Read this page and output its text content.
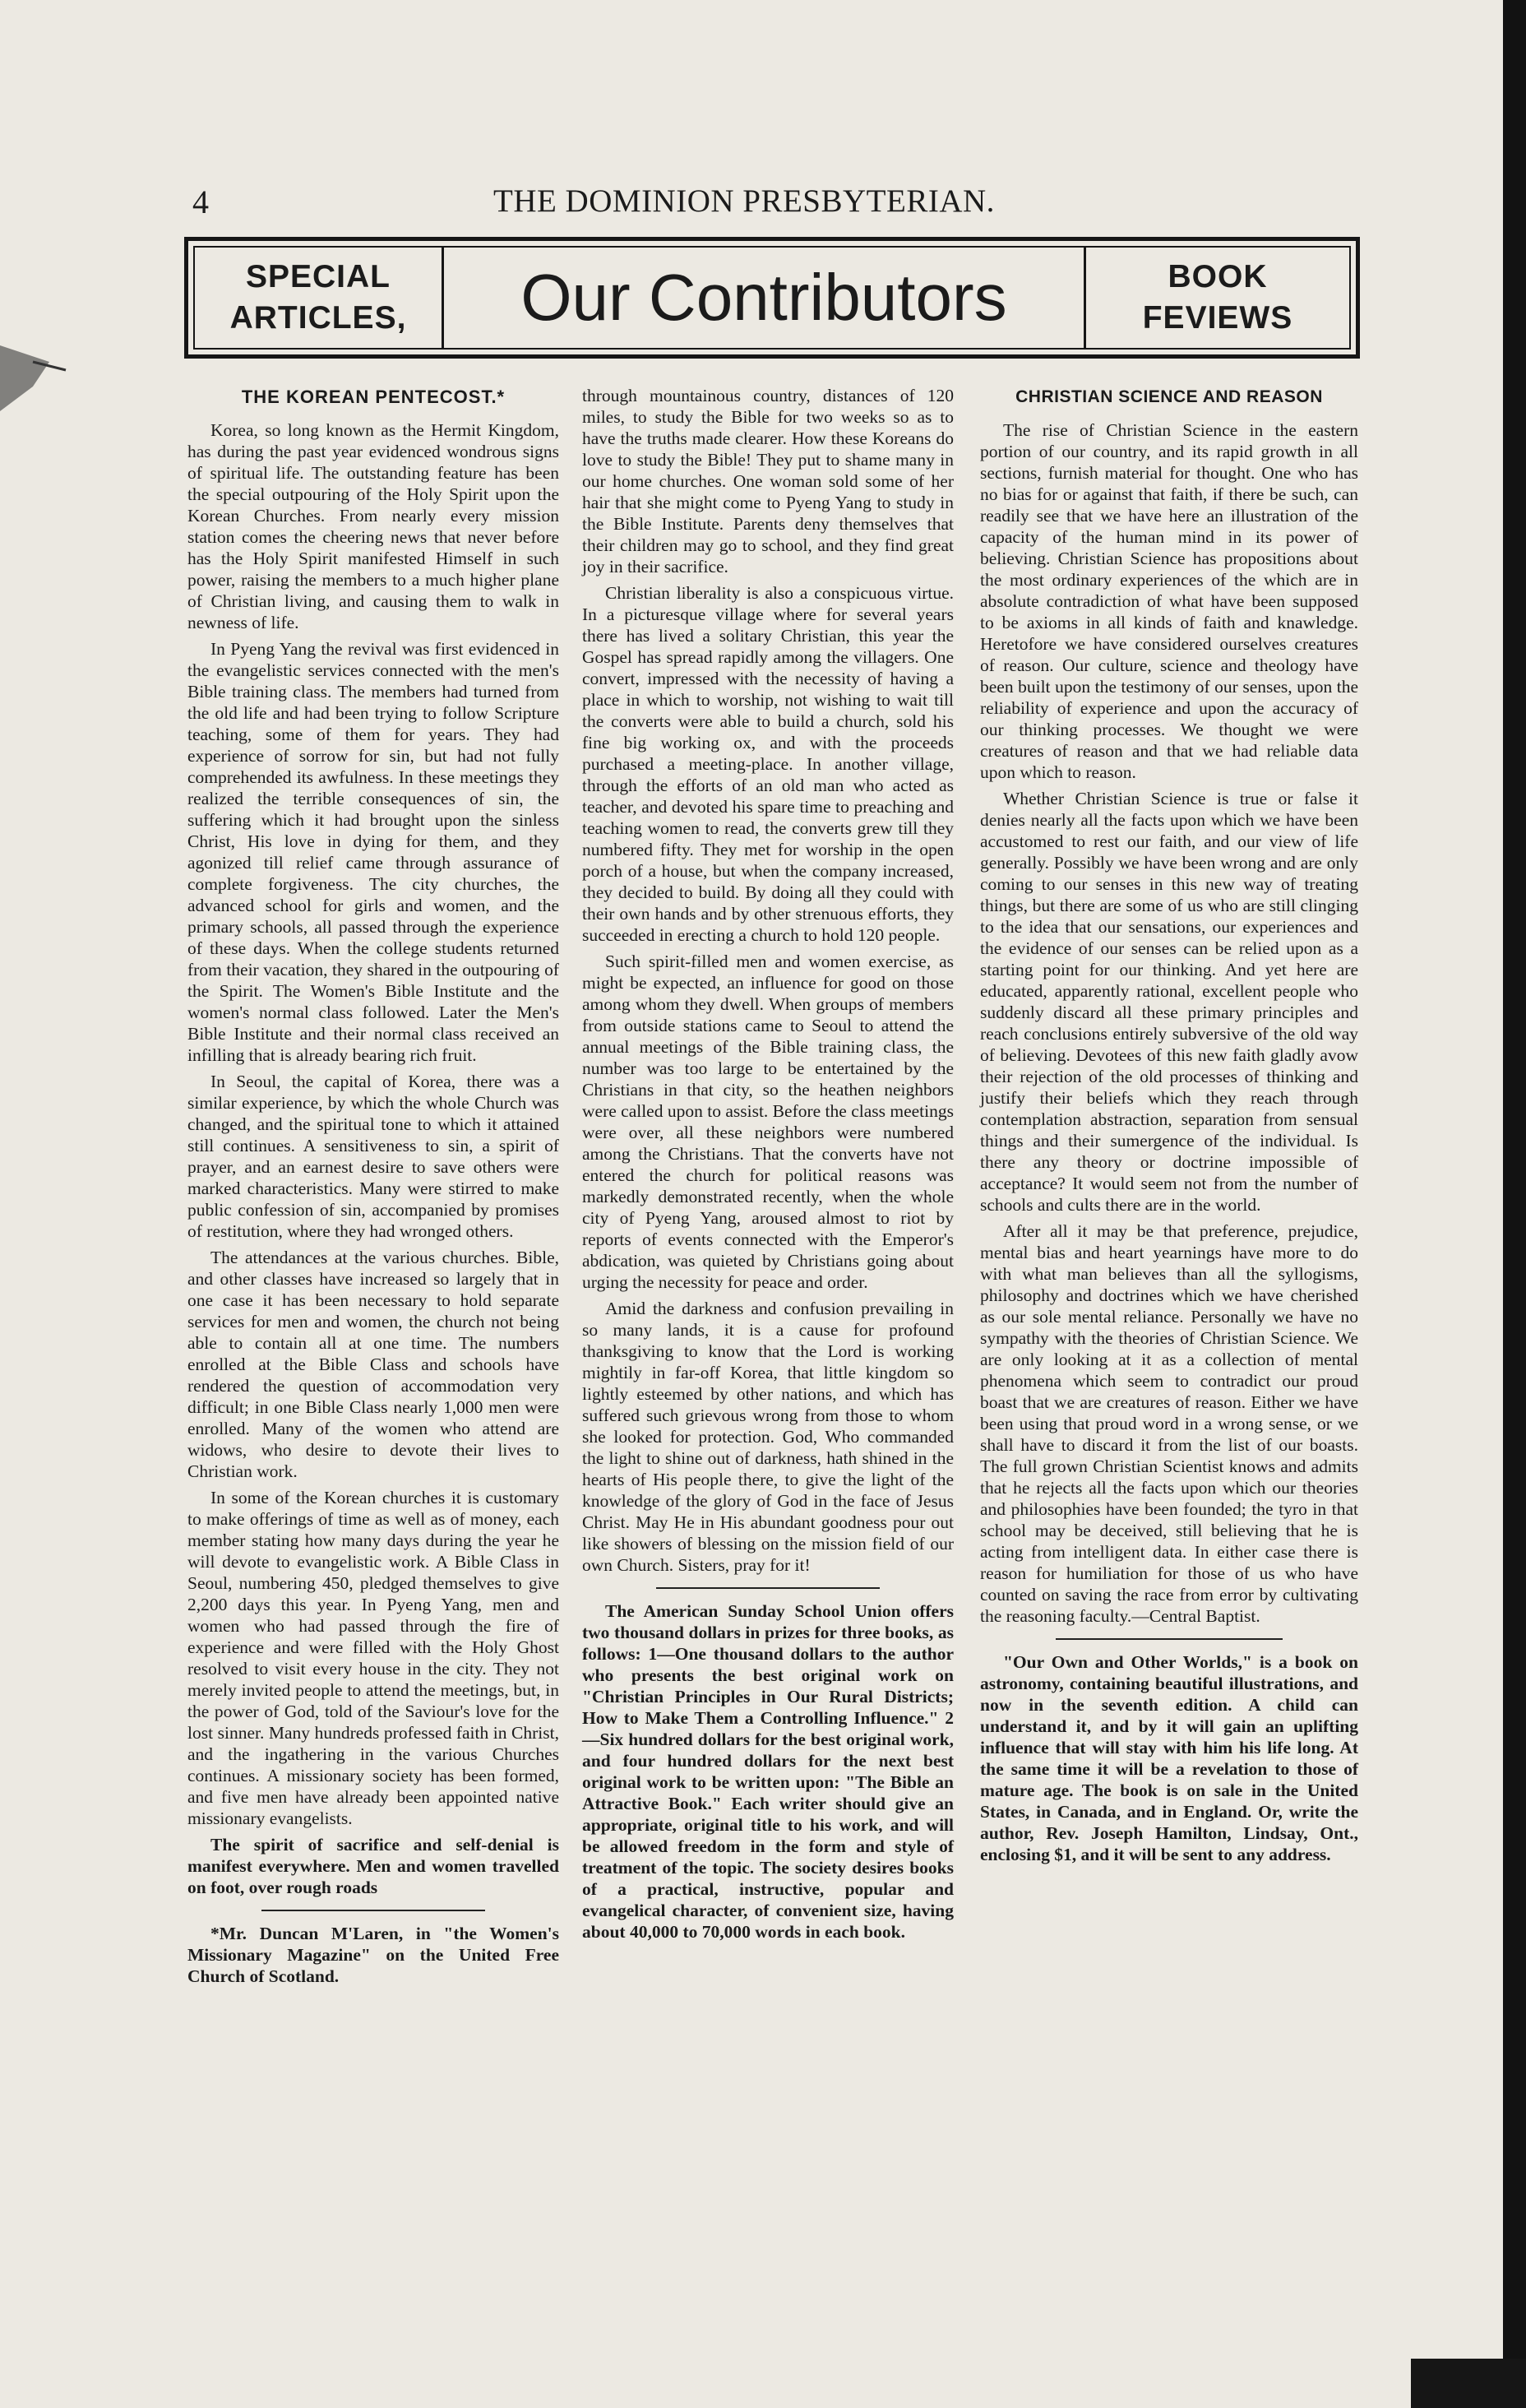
4	THE DOMINION PRESBYTERIAN.
SPECIAL
ARTICLES,	Our Contributors	BOOK
FEVIEWS
THE KOREAN PENTECOST.*

Korea, so long known as the Hermit Kingdom, has during the past year evidenced wondrous signs of spiritual life. The outstanding feature has been the special outpouring of the Holy Spirit upon the Korean Churches. From nearly every mission station comes the cheering news that never before has the Holy Spirit manifested Himself in such power, raising the members to a much higher plane of Christian living, and causing them to walk in newness of life.

In Pyeng Yang the revival was first evidenced in the evangelistic services connected with the men's Bible training class. The members had turned from the old life and had been trying to follow Scripture teaching, some of them for years. They had experience of sorrow for sin, but had not fully comprehended its awfulness. In these meetings they realized the terrible consequences of sin, the suffering which it had brought upon the sinless Christ, His love in dying for them, and they agonized till relief came through assurance of complete forgiveness. The city churches, the advanced school for girls and women, and the primary schools, all passed through the experience of these days. When the college students returned from their vacation, they shared in the outpouring of the Spirit. The Women's Bible Institute and the women's normal class followed. Later the Men's Bible Institute and their normal class received an infilling that is already bearing rich fruit.

In Seoul, the capital of Korea, there was a similar experience, by which the whole Church was changed, and the spiritual tone to which it attained still continues. A sensitiveness to sin, a spirit of prayer, and an earnest desire to save others were marked characteristics. Many were stirred to make public confession of sin, accompanied by promises of restitution, where they had wronged others.

The attendances at the various churches. Bible, and other classes have increased so largely that in one case it has been necessary to hold separate services for men and women, the church not being able to contain all at one time. The numbers enrolled at the Bible Class and schools have rendered the question of accommodation very difficult; in one Bible Class nearly 1,000 men were enrolled. Many of the women who attend are widows, who desire to devote their lives to Christian work.

In some of the Korean churches it is customary to make offerings of time as well as of money, each member stating how many days during the year he will devote to evangelistic work. A Bible Class in Seoul, numbering 450, pledged themselves to give 2,200 days this year. In Pyeng Yang, men and women who had passed through the fire of experience and were filled with the Holy Ghost resolved to visit every house in the city. They not merely invited people to attend the meetings, but, in the power of God, told of the Saviour's love for the lost sinner. Many hundreds professed faith in Christ, and the ingathering in the various Churches continues. A missionary society has been formed, and five men have already been appointed native missionary evangelists.

The spirit of sacrifice and self-denial is manifest everywhere. Men and women travelled on foot, over rough roads

*Mr. Duncan M'Laren, in "the Women's Missionary Magazine" on the United Free Church of Scotland.

through mountainous country, distances of 120 miles, to study the Bible for two weeks so as to have the truths made clearer. How these Koreans do love to study the Bible! They put to shame many in our home churches. One woman sold some of her hair that she might come to Pyeng Yang to study in the Bible Institute. Parents deny themselves that their children may go to school, and they find great joy in their sacrifice.

Christian liberality is also a conspicuous virtue. In a picturesque village where for several years there has lived a solitary Christian, this year the Gospel has spread rapidly among the villagers. One convert, impressed with the necessity of having a place in which to worship, not wishing to wait till the converts were able to build a church, sold his fine big working ox, and with the proceeds purchased a meeting-place. In another village, through the efforts of an old man who acted as teacher, and devoted his spare time to preaching and teaching women to read, the converts grew till they numbered fifty. They met for worship in the open porch of a house, but when the company increased, they decided to build. By doing all they could with their own hands and by other strenuous efforts, they succeeded in erecting a church to hold 120 people.

Such spirit-filled men and women exercise, as might be expected, an influence for good on those among whom they dwell. When groups of members from outside stations came to Seoul to attend the annual meetings of the Bible training class, the number was too large to be entertained by the Christians in that city, so the heathen neighbors were called upon to assist. Before the class meetings were over, all these neighbors were numbered among the Christians. That the converts have not entered the church for political reasons was markedly demonstrated recently, when the whole city of Pyeng Yang, aroused almost to riot by reports of events connected with the Emperor's abdication, was quieted by Christians going about urging the necessity for peace and order.

Amid the darkness and confusion prevailing in so many lands, it is a cause for profound thanksgiving to know that the Lord is working mightily in far-off Korea, that little kingdom so lightly esteemed by other nations, and which has suffered such grievous wrong from those to whom she looked for protection. God, Who commanded the light to shine out of darkness, hath shined in the hearts of His people there, to give the light of the knowledge of the glory of God in the face of Jesus Christ. May He in His abundant goodness pour out like showers of blessing on the mission field of our own Church. Sisters, pray for it!

The American Sunday School Union offers two thousand dollars in prizes for three books, as follows: 1—One thousand dollars to the author who presents the best original work on "Christian Principles in Our Rural Districts; How to Make Them a Controlling Influence." 2—Six hundred dollars for the best original work, and four hundred dollars for the next best original work to be written upon: "The Bible an Attractive Book." Each writer should give an appropriate, original title to his work, and will be allowed freedom in the form and style of treatment of the topic. The society desires books of a practical, instructive, popular and evangelical character, of convenient size, having about 40,000 to 70,000 words in each book.

CHRISTIAN SCIENCE AND REASON

The rise of Christian Science in the eastern portion of our country, and its rapid growth in all sections, furnish material for thought. One who has no bias for or against that faith, if there be such, can readily see that we have here an illustration of the capacity of the human mind in its power of believing. Christian Science has propositions about the most ordinary experiences of the which are in absolute contradiction of what have been supposed to be axioms in all kinds of faith and knawledge. Heretofore we have considered ourselves creatures of reason. Our culture, science and theology have been built upon the testimony of our senses, upon the reliability of experience and upon the accuracy of our thinking processes. We thought we were creatures of reason and that we had reliable data upon which to reason.

Whether Christian Science is true or false it denies nearly all the facts upon which we have been accustomed to rest our faith, and our view of life generally. Possibly we have been wrong and are only coming to our senses in this new way of treating things, but there are some of us who are still clinging to the idea that our sensations, our experiences and the evidence of our senses can be relied upon as a starting point for our thinking. And yet here are educated, apparently rational, excellent people who suddenly discard all these primary principles and reach conclusions entirely subversive of the old way of believing. Devotees of this new faith gladly avow their rejection of the old processes of thinking and justify their beliefs which they reach through contemplation abstraction, separation from sensual things and their sumergence of the individual. Is there any theory or doctrine impossible of acceptance? It would seem not from the number of schools and cults there are in the world.

After all it may be that preference, prejudice, mental bias and heart yearnings have more to do with what man believes than all the syllogisms, philosophy and doctrines which we have cherished as our sole mental reliance. Personally we have no sympathy with the theories of Christian Science. We are only looking at it as a collection of mental phenomena which seem to contradict our proud boast that we are creatures of reason. Either we have been using that proud word in a wrong sense, or we shall have to discard it from the list of our boasts. The full grown Christian Scientist knows and admits that he rejects all the facts upon which our theories and philosophies have been founded; the tyro in that school may be deceived, still believing that he is acting from intelligent data. In either case there is reason for humiliation for those of us who have counted on saving the race from error by cultivating the reasoning faculty.—Central Baptist.

"Our Own and Other Worlds," is a book on astronomy, containing beautiful illustrations, and now in the seventh edition. A child can understand it, and by it will gain an uplifting influence that will stay with him his life long. At the same time it will be a revelation to those of mature age. The book is on sale in the United States, in Canada, and in England. Or, write the author, Rev. Joseph Hamilton, Lindsay, Ont., enclosing $1, and it will be sent to any address.
